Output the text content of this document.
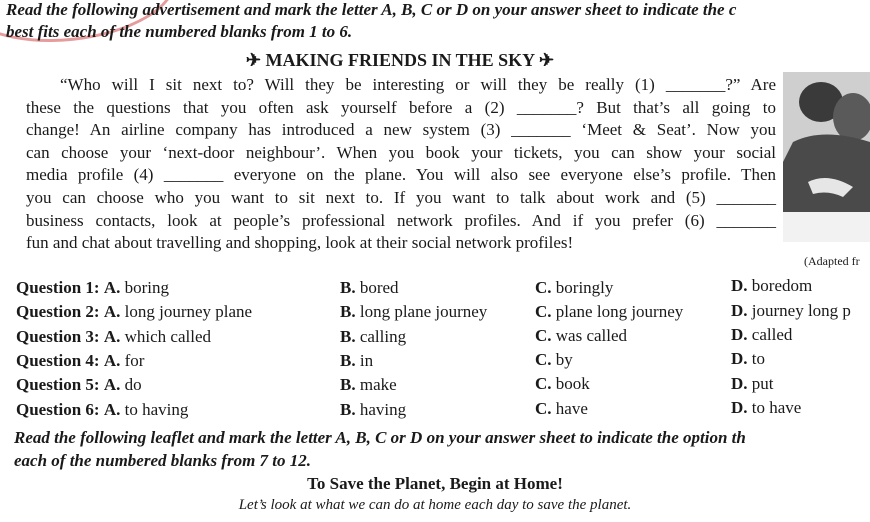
Read the following advertisement and mark the letter A, B, C or D on your answer sheet to indicate the c
best fits each of the numbered blanks from 1 to 6.
✈ MAKING FRIENDS IN THE SKY ✈
“Who will I sit next to? Will they be interesting or will they be really (1) _______?” Are
these the questions that you often ask yourself before a (2) _______? But that’s all going to
change! An airline company has introduced a new system (3) _______ ‘Meet & Seat’. Now you
can choose your ‘next-door neighbour’. When you book your tickets, you can show your social
media profile (4) _______ everyone on the plane. You will also see everyone else’s profile. Then
you can choose who you want to sit next to. If you want to talk about work and (5) _______
business contacts, look at people’s professional network profiles. And if you prefer (6) _______
fun and chat about travelling and shopping, look at their social network profiles!
(Adapted fr
Question 1: A. boring	B. bored	C. boringly	D. boredom
Question 2: A. long journey plane	B. long plane journey	C. plane long journey	D. journey long p
Question 3: A. which called	B. calling	C. was called	D. called
Question 4: A. for	B. in	C. by	D. to
Question 5: A. do	B. make	C. book	D. put
Question 6: A. to having	B. having	C. have	D. to have
Read the following leaflet and mark the letter A, B, C or D on your answer sheet to indicate the option th
each of the numbered blanks from 7 to 12.
To Save the Planet, Begin at Home!
Let’s look at what we can do at home each day to save the planet.
